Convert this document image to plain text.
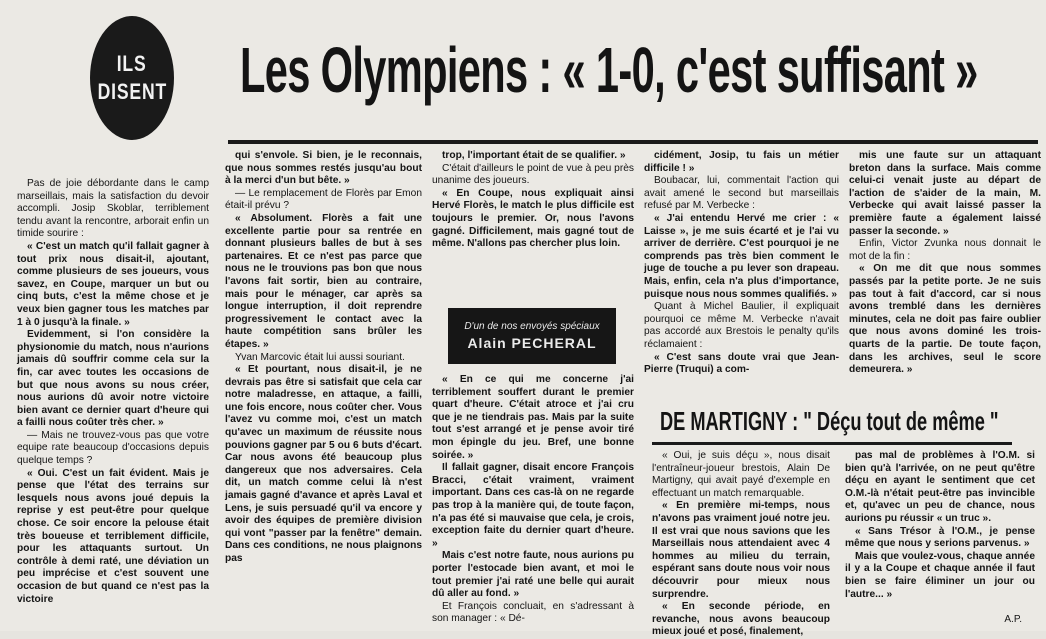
ILS
DISENT Les Olympiens : « 1-0, c'est suffisant »

Pas de joie débordante dans le camp marseillais, mais la satisfaction du devoir accompli. Josip Skoblar, terriblement tendu avant la rencontre, arborait enfin un timide sourire :

« C'est un match qu'il fallait gagner à tout prix nous disait-il, ajoutant, comme plusieurs de ses joueurs, vous savez, en Coupe, marquer un but ou cinq buts, c'est la même chose et je veux bien gagner tous les matches par 1 à 0 jusqu'à la finale. »

Evidemment, si l'on considère la physionomie du match, nous n'aurions jamais dû souffrir comme cela sur la fin, car avec toutes les occasions de but que nous avons su nous créer, nous aurions dû avoir notre victoire bien avant ce dernier quart d'heure qui a failli nous coûter très cher. »

— Mais ne trouvez-vous pas que votre equipe rate beaucoup d'occasions depuis quelque temps ?

« Oui. C'est un fait évident. Mais je pense que l'état des terrains sur lesquels nous avons joué depuis la reprise y est peut-être pour quelque chose. Ce soir encore la pelouse était très boueuse et terriblement difficile, pour les attaquants surtout. Un contrôle à demi raté, une déviation un peu imprécise et c'est souvent une occasion de but quand ce n'est pas la victoire

qui s'envole. Si bien, je le reconnais, que nous sommes restés jusqu'au bout à la merci d'un but bête. »

— Le remplacement de Florès par Emon était-il prévu ?

« Absolument. Florès a fait une excellente partie pour sa rentrée en donnant plusieurs balles de but à ses partenaires. Et ce n'est pas parce que nous ne le trouvions pas bon que nous l'avons fait sortir, bien au contraire, mais pour le ménager, car après sa longue interruption, il doit reprendre progressivement le contact avec la haute compétition sans brûler les étapes. »

Yvan Marcovic était lui aussi souriant.

« Et pourtant, nous disait-il, je ne devrais pas être si satisfait que cela car notre maladresse, en attaque, a failli, une fois encore, nous coûter cher. Vous l'avez vu comme moi, c'est un match qu'avec un maximum de réussite nous pouvions gagner par 5 ou 6 buts d'écart. Car nous avons été beaucoup plus dangereux que nos adversaires. Cela dit, un match comme celui là n'est jamais gagné d'avance et après Laval et Lens, je suis persuadé qu'il va encore y avoir des équipes de première division qui vont "passer par la fenêtre" demain. Dans ces conditions, ne nous plaignons pas

trop, l'important était de se qualifier. »

C'était d'ailleurs le point de vue à peu près unanime des joueurs.

« En Coupe, nous expliquait ainsi Hervé Florès, le match le plus difficile est toujours le premier. Or, nous l'avons gagné. Difficilement, mais gagné tout de même. N'allons pas chercher plus loin.

D'un de nos envoyés spéciaux
Alain PECHERAL

« En ce qui me concerne j'ai terriblement souffert durant le premier quart d'heure. C'était atroce et j'ai cru que je ne tiendrais pas. Mais par la suite tout s'est arrangé et je pense avoir tiré mon épingle du jeu. Bref, une bonne soirée. »

Il fallait gagner, disait encore François Bracci, c'était vraiment, vraiment important. Dans ces cas-là on ne regarde pas trop à la manière qui, de toute façon, n'a pas été si mauvaise que cela, je crois, exception faite du dernier quart d'heure. »

Mais c'est notre faute, nous aurions pu porter l'estocade bien avant, et moi le tout premier j'ai raté une belle qui aurait dû aller au fond. »

Et François concluait, en s'adressant à son manager : « Dé-

cidément, Josip, tu fais un métier difficile ! »

Boubacar, lui, commentait l'action qui avait amené le second but marseillais refusé par M. Verbecke :

« J'ai entendu Hervé me crier : « Laisse », je me suis écarté et je l'ai vu arriver de derrière. C'est pourquoi je ne comprends pas très bien comment le juge de touche a pu lever son drapeau. Mais, enfin, cela n'a plus d'importance, puisque nous nous sommes qualifiés. »

Quant à Michel Baulier, il expliquait pourquoi ce même M. Verbecke n'avait pas accordé aux Brestois le penalty qu'ils réclamaient :

« C'est sans doute vrai que Jean-Pierre (Truqui) a com-

mis une faute sur un attaquant breton dans la surface. Mais comme celui-ci venait juste au départ de l'action de s'aider de la main, M. Verbecke qui avait laissé passer la première faute a également laissé passer la seconde. »

Enfin, Victor Zvunka nous donnait le mot de la fin :

« On me dit que nous sommes passés par la petite porte. Je ne suis pas tout à fait d'accord, car si nous avons tremblé dans les dernières minutes, cela ne doit pas faire oublier que nous avons dominé les trois-quarts de la partie. De toute façon, dans les archives, seul le score demeurera. »

DE MARTIGNY : " Déçu tout de même "

« Oui, je suis déçu », nous disait l'entraîneur-joueur brestois, Alain De Martigny, qui avait payé d'exemple en effectuant un match remarquable.

« En première mi-temps, nous n'avons pas vraiment joué notre jeu. Il est vrai que nous savions que les Marseillais nous attendaient avec 4 hommes au milieu du terrain, espérant sans doute nous voir nous découvrir pour mieux nous surprendre.

« En seconde période, en revanche, nous avons beaucoup mieux joué et posé, finalement,

pas mal de problèmes à l'O.M. si bien qu'à l'arrivée, on ne peut qu'être déçu en ayant le sentiment que cet O.M.-là n'était peut-être pas invincible et, qu'avec un peu de chance, nous aurions pu réussir « un truc ».

« Sans Trésor à l'O.M., je pense même que nous y serions parvenus. »

Mais que voulez-vous, chaque année il y a la Coupe et chaque année il faut bien se faire éliminer un jour ou l'autre... »

A.P.
